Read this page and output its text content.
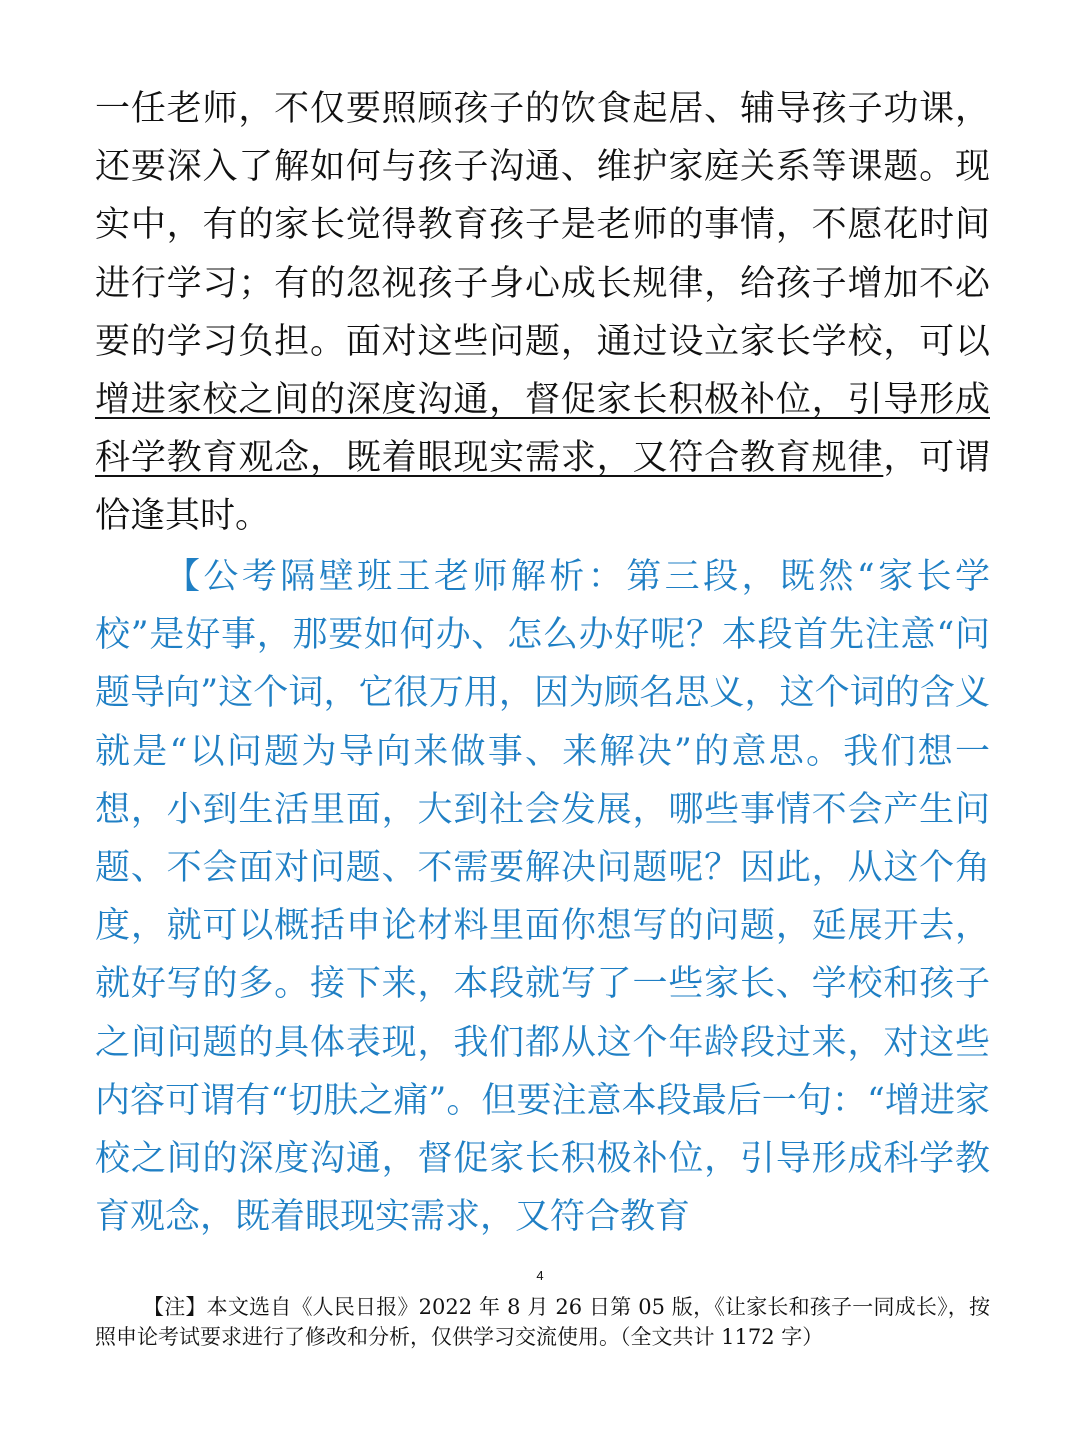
一任老师，不仅要照顾孩子的饮食起居、辅导孩子功课，还要深入了解如何与孩子沟通、维护家庭关系等课题。现实中，有的家长觉得教育孩子是老师的事情，不愿花时间进行学习；有的忽视孩子身心成长规律，给孩子增加不必要的学习负担。面对这些问题，通过设立家长学校，可以增进家校之间的深度沟通，督促家长积极补位，引导形成科学教育观念，既着眼现实需求，又符合教育规律，可谓恰逢其时。

【公考隔壁班王老师解析：第三段，既然“家长学校”是好事，那要如何办、怎么办好呢？本段首先注意“问题导向”这个词，它很万用，因为顾名思义，这个词的含义就是“以问题为导向来做事、来解决”的意思。我们想一想，小到生活里面，大到社会发展，哪些事情不会产生问题、不会面对问题、不需要解决问题呢？因此，从这个角度，就可以概括申论材料里面你想写的问题，延展开去，就好写的多。接下来，本段就写了一些家长、学校和孩子之间问题的具体表现，我们都从这个年龄段过来，对这些内容可谓有“切肤之痛”。但要注意本段最后一句：“增进家校之间的深度沟通，督促家长积极补位，引导形成科学教育观念，既着眼现实需求，又符合教育

4

【注】本文选自《人民日报》2022 年 8 月 26 日第 05 版，《让家长和孩子一同成长》，按照申论考试要求进行了修改和分析，仅供学习交流使用。（全文共计 1172 字）
